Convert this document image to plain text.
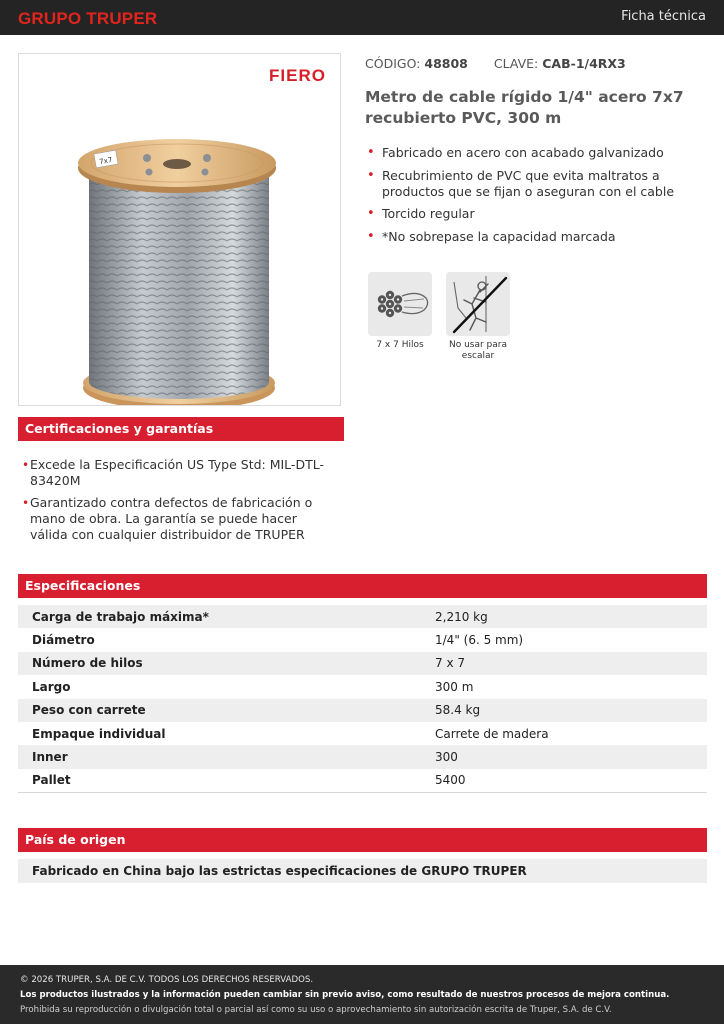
GRUPO TRUPER	Ficha técnica
FIERO
7x7
CÓDIGO: 48808 CLAVE: CAB-1/4RX3
Metro de cable rígido 1/4" acero 7x7 recubierto PVC, 300 m
• Fabricado en acero con acabado galvanizado
• Recubrimiento de PVC que evita maltratos a productos que se fijan o aseguran con el cable
• Torcido regular
• *No sobrepase la capacidad marcada
7 x 7 Hilos	No usar para escalar
Certificaciones y garantías
• Excede la Especificación US Type Std: MIL-DTL-83420M
• Garantizado contra defectos de fabricación o mano de obra. La garantía se puede hacer válida con cualquier distribuidor de TRUPER
Especificaciones
Carga de trabajo máxima*	2,210 kg
Diámetro	1/4" (6. 5 mm)
Número de hilos	7 x 7
Largo	300 m
Peso con carrete	58.4 kg
Empaque individual	Carrete de madera
Inner	300
Pallet	5400
País de origen
Fabricado en China bajo las estrictas especificaciones de GRUPO TRUPER
© 2026 TRUPER, S.A. DE C.V. TODOS LOS DERECHOS RESERVADOS.
Los productos ilustrados y la información pueden cambiar sin previo aviso, como resultado de nuestros procesos de mejora continua.
Prohibida su reproducción o divulgación total o parcial así como su uso o aprovechamiento sin autorización escrita de Truper, S.A. de C.V.
